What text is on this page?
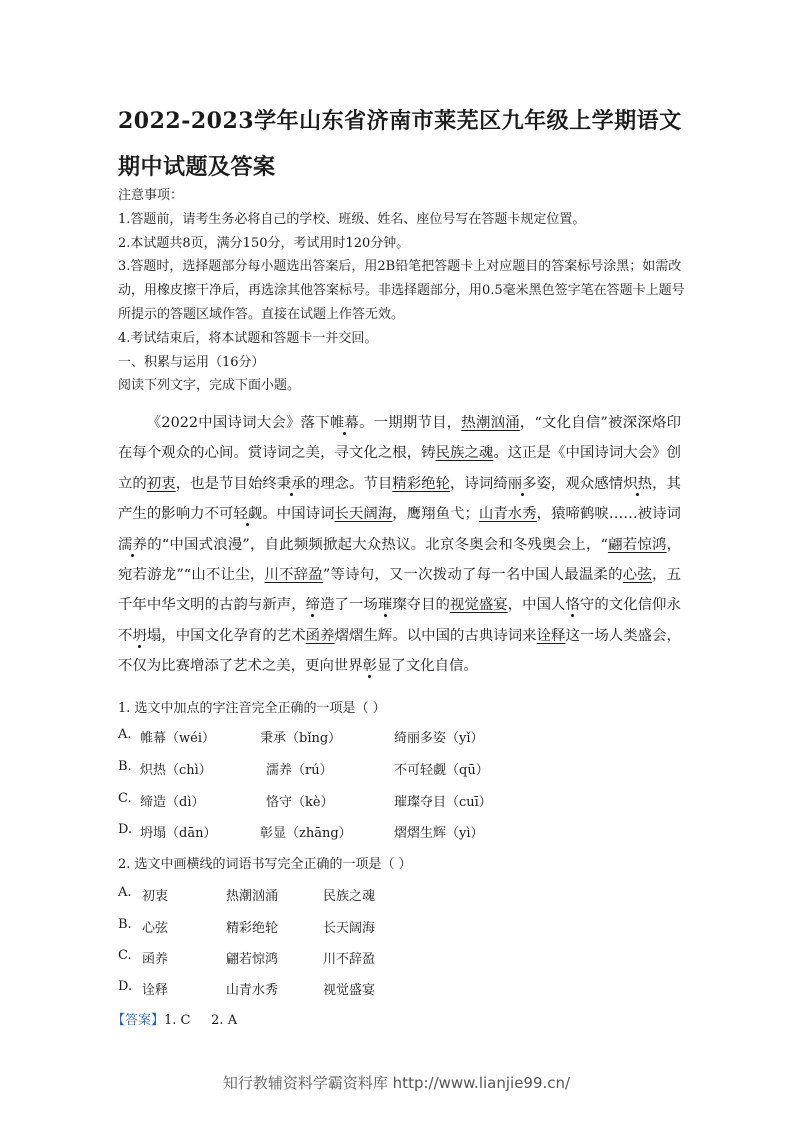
2022-2023学年山东省济南市莱芜区九年级上学期语文期中试题及答案

注意事项：

1.答题前，请考生务必将自己的学校、班级、姓名、座位号写在答题卡规定位置。

2.本试题共8页，满分150分，考试用时120分钟。

3.答题时，选择题部分每小题选出答案后，用2B铅笔把答题卡上对应题目的答案标号涂黑；如需改动，用橡皮擦干净后，再选涂其他答案标号。非选择题部分，用0.5毫米黑色签字笔在答题卡上题号所提示的答题区域作答。直接在试题上作答无效。

4.考试结束后，将本试题和答题卡一并交回。

一、积累与运用（16分）

阅读下列文字，完成下面小题。

《2022中国诗词大会》落下帷幕。一期期节目，热潮汹涌，“文化自信”被深深烙印在每个观众的心间。赏诗词之美，寻文化之根，铸民族之魂。这正是《中国诗词大会》创立的初衷，也是节目始终秉承的理念。节目精彩绝轮，诗词绮丽多姿，观众感情炽热，其产生的影响力不可轻觑。中国诗词长天阔海，鹰翔鱼弋；山青水秀，猿啼鹤唳……被诗词濡养的“中国式浪漫”，自此频频掀起大众热议。北京冬奥会和冬残奥会上，“翩若惊鸿，宛若游龙”“山不让尘，川不辞盈”等诗句，又一次拨动了每一名中国人最温柔的心弦，五千年中华文明的古韵与新声，缔造了一场璀璨夺目的视觉盛宴，中国人恪守的文化信仰永不坍塌，中国文化孕育的艺术函养熠熠生辉。以中国的古典诗词来诠释这一场人类盛会，不仅为比赛增添了艺术之美，更向世界彰显了文化自信。

1. 选文中加点的字注音完全正确的一项是（ ）
A. 帷幕（wéi）	秉承（bǐng）	绮丽多姿（yǐ）
B. 炽热（chì）	濡养（rú）	不可轻觑（qū）
C. 缔造（dì）	恪守（kè）	璀璨夺目（cuī）
D. 坍塌（dān）	彰显（zhāng）	熠熠生辉（yì）
2. 选文中画横线的词语书写完全正确的一项是（ ）
A. 初衷	热潮汹涌	民族之魂
B. 心弦	精彩绝轮	长天阔海
C. 函养	翩若惊鸿	川不辞盈
D. 诠释	山青水秀	视觉盛宴
【答案】1. C     2. A
知行教辅资料学霸资料库 http://www.lianjie99.cn/
